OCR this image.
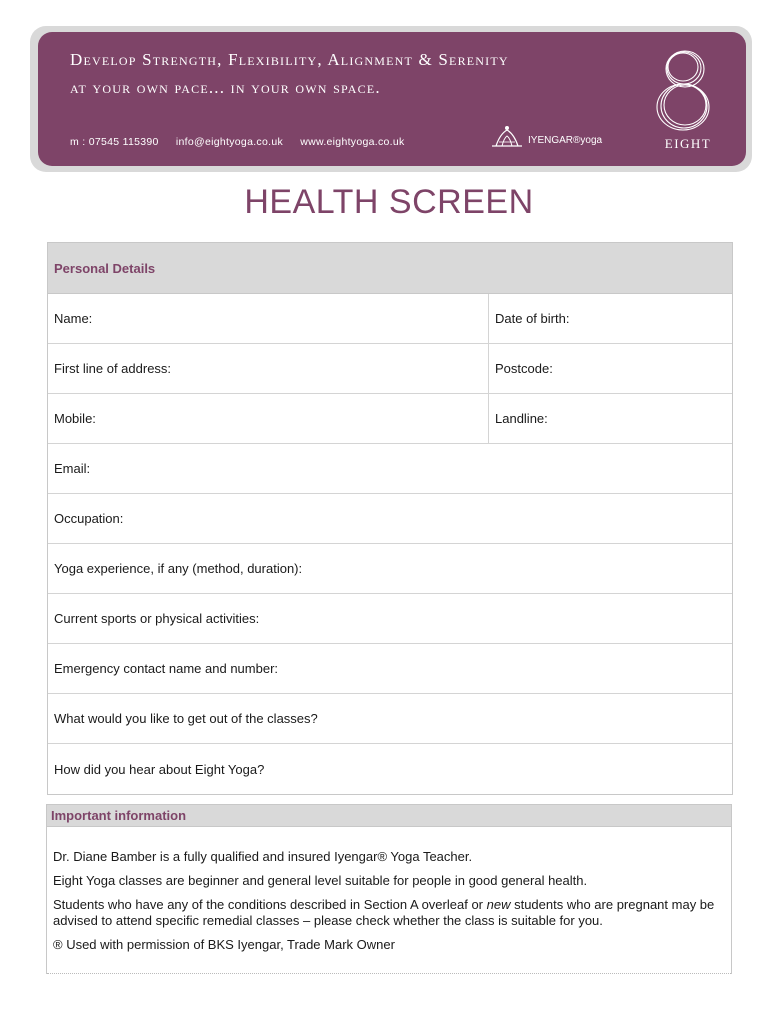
Develop Strength, Flexibility, Alignment & Serenity
at your own pace... in your own space.
m : 07545 115390 info@eightyoga.co.uk www.eightyoga.co.uk	IYENGAR®yoga	EIGHT
HEALTH SCREEN
Personal Details
Name:	Date of birth:
First line of address:	Postcode:
Mobile:	Landline:
Email:
Occupation:
Yoga experience, if any (method, duration):
Current sports or physical activities:
Emergency contact name and number:
What would you like to get out of the classes?
How did you hear about Eight Yoga?
Important information

Dr. Diane Bamber is a fully qualified and insured Iyengar® Yoga Teacher.

Eight Yoga classes are beginner and general level suitable for people in good general health.

Students who have any of the conditions described in Section A overleaf or new students who are pregnant may be advised to attend specific remedial classes – please check whether the class is suitable for you.

® Used with permission of BKS Iyengar, Trade Mark Owner
